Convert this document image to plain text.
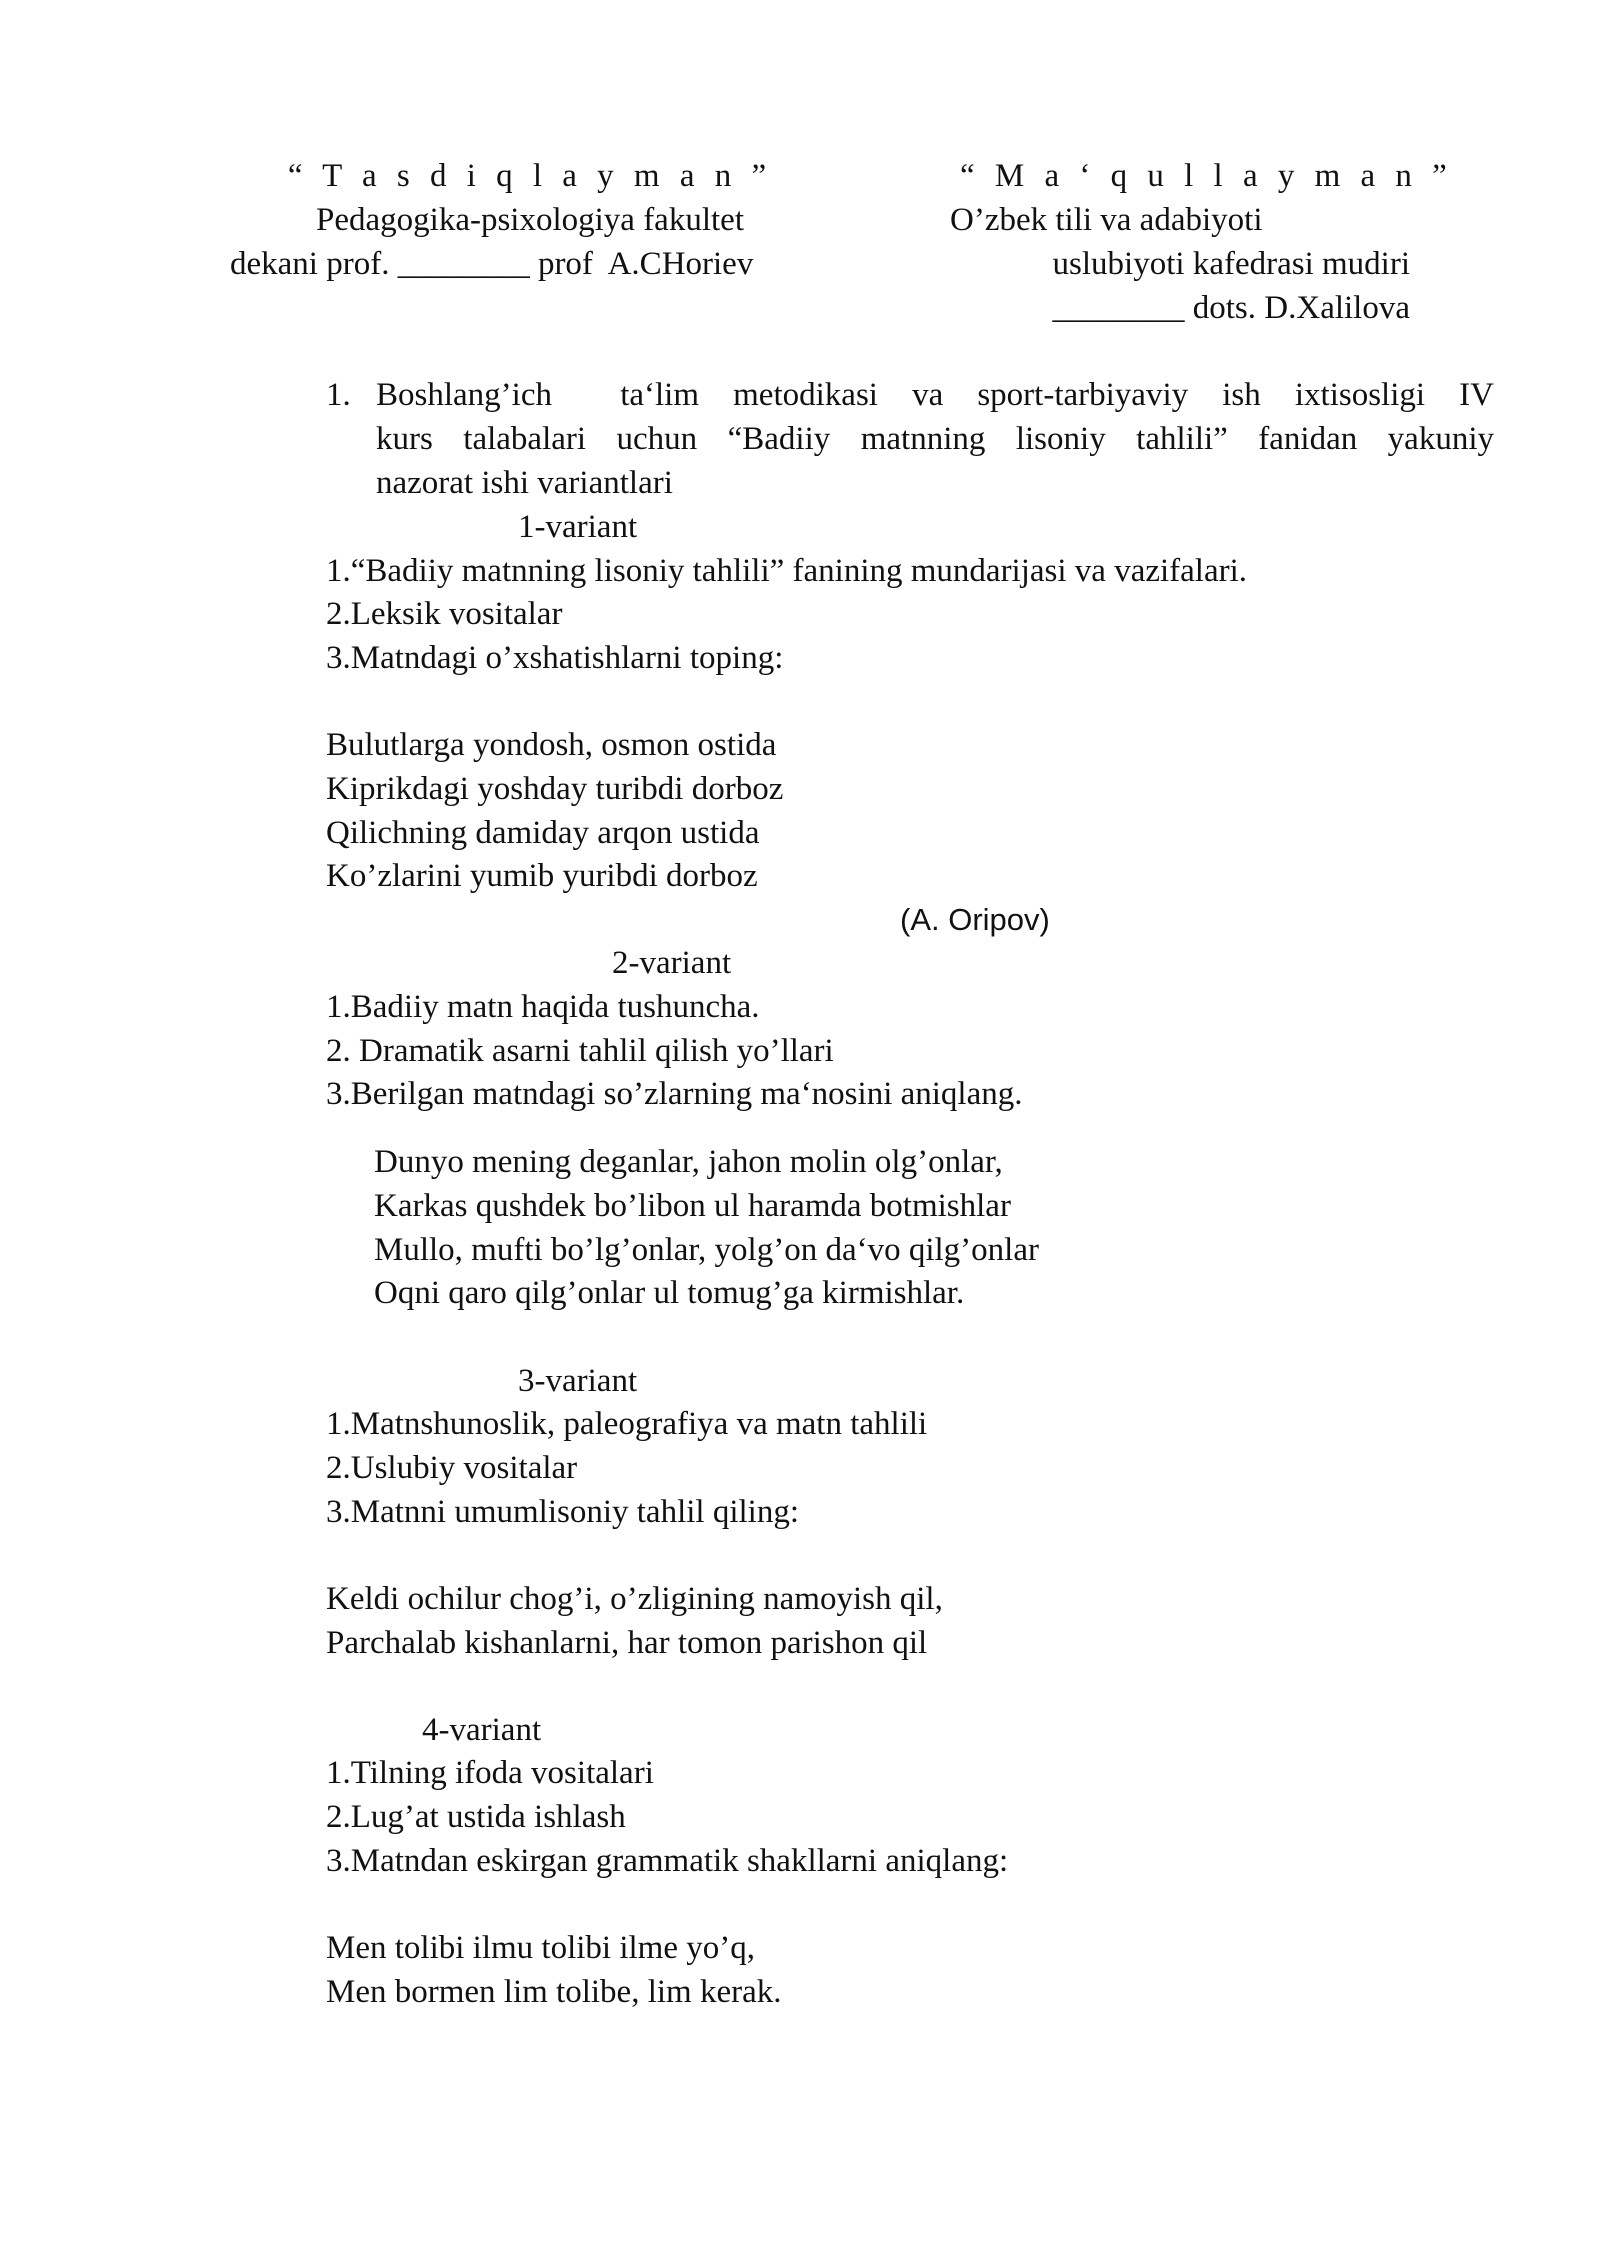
“ T a s d i q l a y m a n ”
Pedagogika-psixologiya fakultet
dekani prof. ________ prof  A.CHoriev
“ M a ‘ q u l l a y m a n ”
O’zbek tili va adabiyoti
uslubiyoti kafedrasi mudiri
________ dots. D.Xalilova
1. Boshlang’ich  ta‘lim metodikasi va sport-tarbiyaviy ish ixtisosligi IV
kurs talabalari uchun “Badiiy matnning lisoniy tahlili” fanidan yakuniy
nazorat ishi variantlari
1-variant
1.“Badiiy matnning lisoniy tahlili” fanining mundarijasi va vazifalari.
2.Leksik vositalar
3.Matndagi o’xshatishlarni toping:
Bulutlarga yondosh, osmon ostida
Kiprikdagi yoshday turibdi dorboz
Qilichning damiday arqon ustida
Ko’zlarini yumib yuribdi dorboz
(A. Oripov)
2-variant
1.Badiiy matn haqida tushuncha.
2. Dramatik asarni tahlil qilish yo’llari
3.Berilgan matndagi so’zlarning ma‘nosini aniqlang.
Dunyo mening deganlar, jahon molin olg’onlar,
Karkas qushdek bo’libon ul haramda botmishlar
Mullo, mufti bo’lg’onlar, yolg’on da‘vo qilg’onlar
Oqni qaro qilg’onlar ul tomug’ga kirmishlar.
3-variant
1.Matnshunoslik, paleografiya va matn tahlili
2.Uslubiy vositalar
3.Matnni umumlisoniy tahlil qiling:
Keldi ochilur chog’i, o’zligining namoyish qil,
Parchalab kishanlarni, har tomon parishon qil
4-variant
1.Tilning ifoda vositalari
2.Lug’at ustida ishlash
3.Matndan eskirgan grammatik shakllarni aniqlang:
Men tolibi ilmu tolibi ilme yo’q,
Men bormen lim tolibe, lim kerak.
